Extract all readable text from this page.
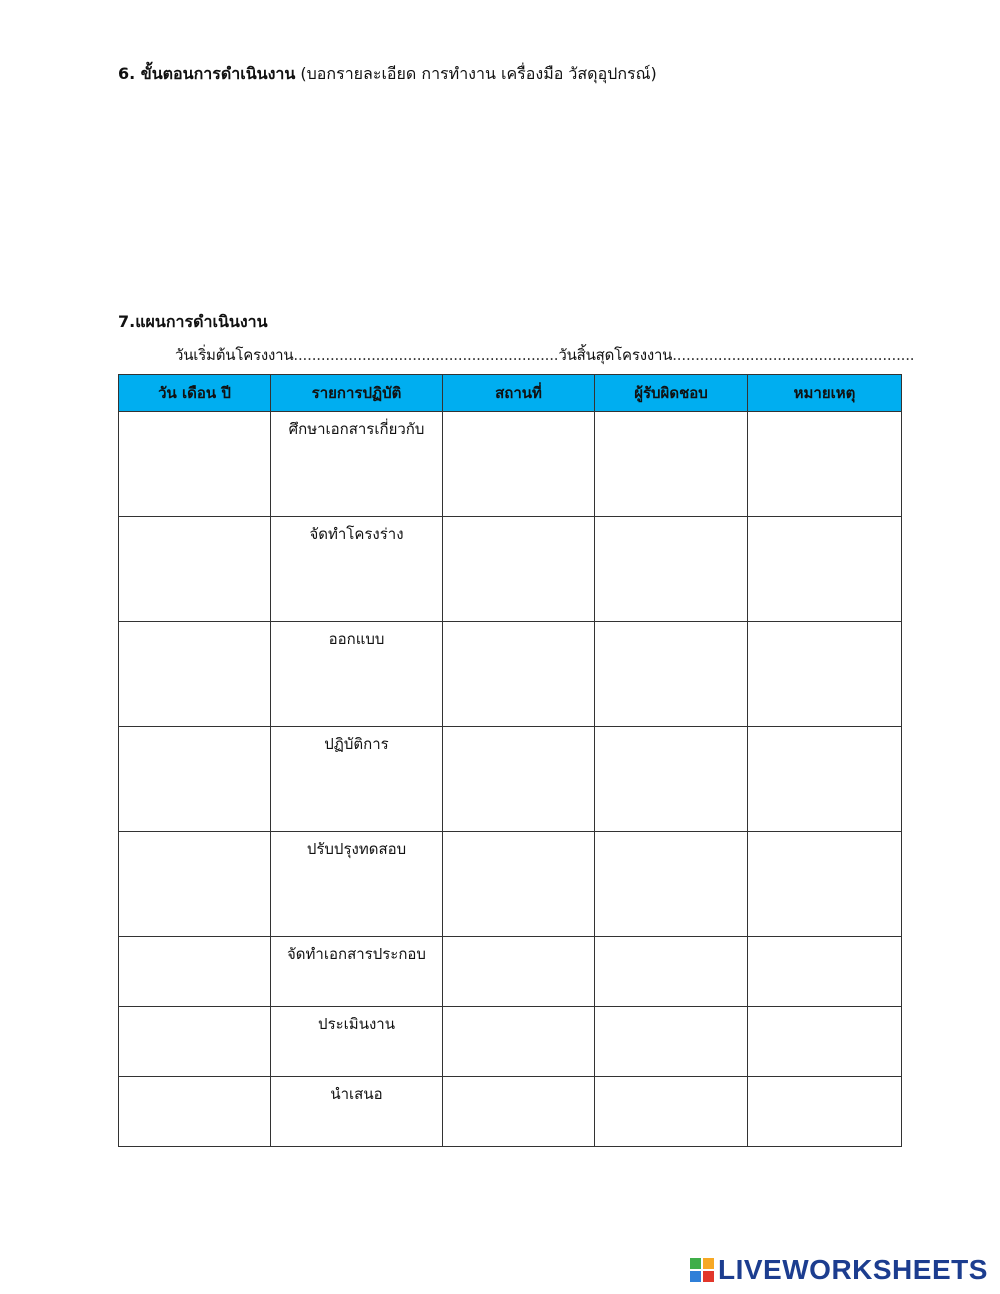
6. ขั้นตอนการดำเนินงาน (บอกรายละเอียด การทำงาน เครื่องมือ วัสดุอุปกรณ์)
7.แผนการดำเนินงาน
วันเริ่มต้นโครงงาน..........................................................วันสิ้นสุดโครงงาน.....................................................
วัน เดือน ปี	รายการปฏิบัติ	สถานที่	ผู้รับผิดชอบ	หมายเหตุ
	ศึกษาเอกสารเกี่ยวกับ			
	จัดทำโครงร่าง			
	ออกแบบ			
	ปฏิบัติการ			
	ปรับปรุงทดสอบ			
	จัดทำเอกสารประกอบ			
	ประเมินงาน			
	นำเสนอ			
LIVEWORKSHEETS
